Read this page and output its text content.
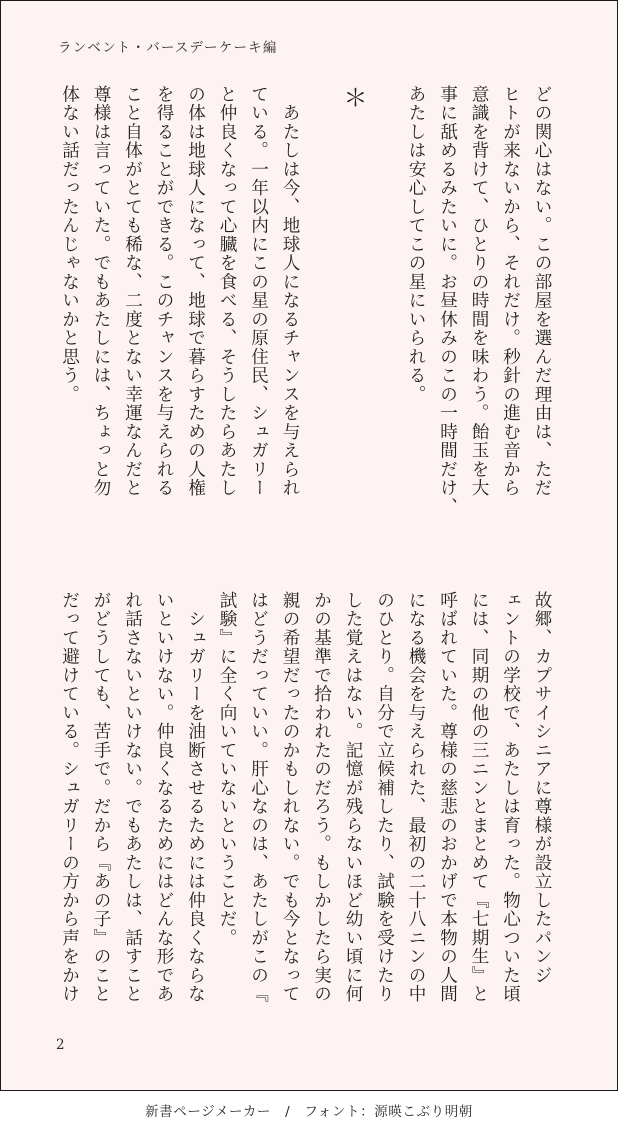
ランベント・バースデーケーキ編
どの関心はない。この部屋を選んだ理由は、ただ
ヒトが来ないから、それだけ。秒針の進む音から
意識を背けて、ひとりの時間を味わう。飴玉を大
事に舐めるみたいに。お昼休みのこの一時間だけ、
あたしは安心してこの星にいられる。

＊

　あたしは今、地球人になるチャンスを与えられ
ている。一年以内にこの星の原住民、シュガリー
と仲良くなって心臓を食べる、そうしたらあたし
の体は地球人になって、地球で暮らすための人権
を得ることができる。このチャンスを与えられる
こと自体がとても稀な、二度とない幸運なんだと
尊様は言っていた。でもあたしには、ちょっと勿
体ない話だったんじゃないかと思う。
故郷、カプサイシニアに尊様が設立したパンジ
ェントの学校で、あたしは育った。物心ついた頃
には、同期の他の三ニンとまとめて『七期生』と
呼ばれていた。尊様の慈悲のおかげで本物の人間
になる機会を与えられた、最初の二十八ニンの中
のひとり。自分で立候補したり、試験を受けたり
した覚えはない。記憶が残らないほど幼い頃に何
かの基準で拾われたのだろう。もしかしたら実の
親の希望だったのかもしれない。でも今となって
はどうだっていい。肝心なのは、あたしがこの『
試験』に全く向いていないということだ。
　シュガリーを油断させるためには仲良くならな
いといけない。仲良くなるためにはどんな形であ
れ話さないといけない。でもあたしは、話すこと
がどうしても、苦手で。だから『あの子』のこと
だって避けている。シュガリーの方から声をかけ
2
新書ページメーカー　/　フォント：源暎こぶり明朝
